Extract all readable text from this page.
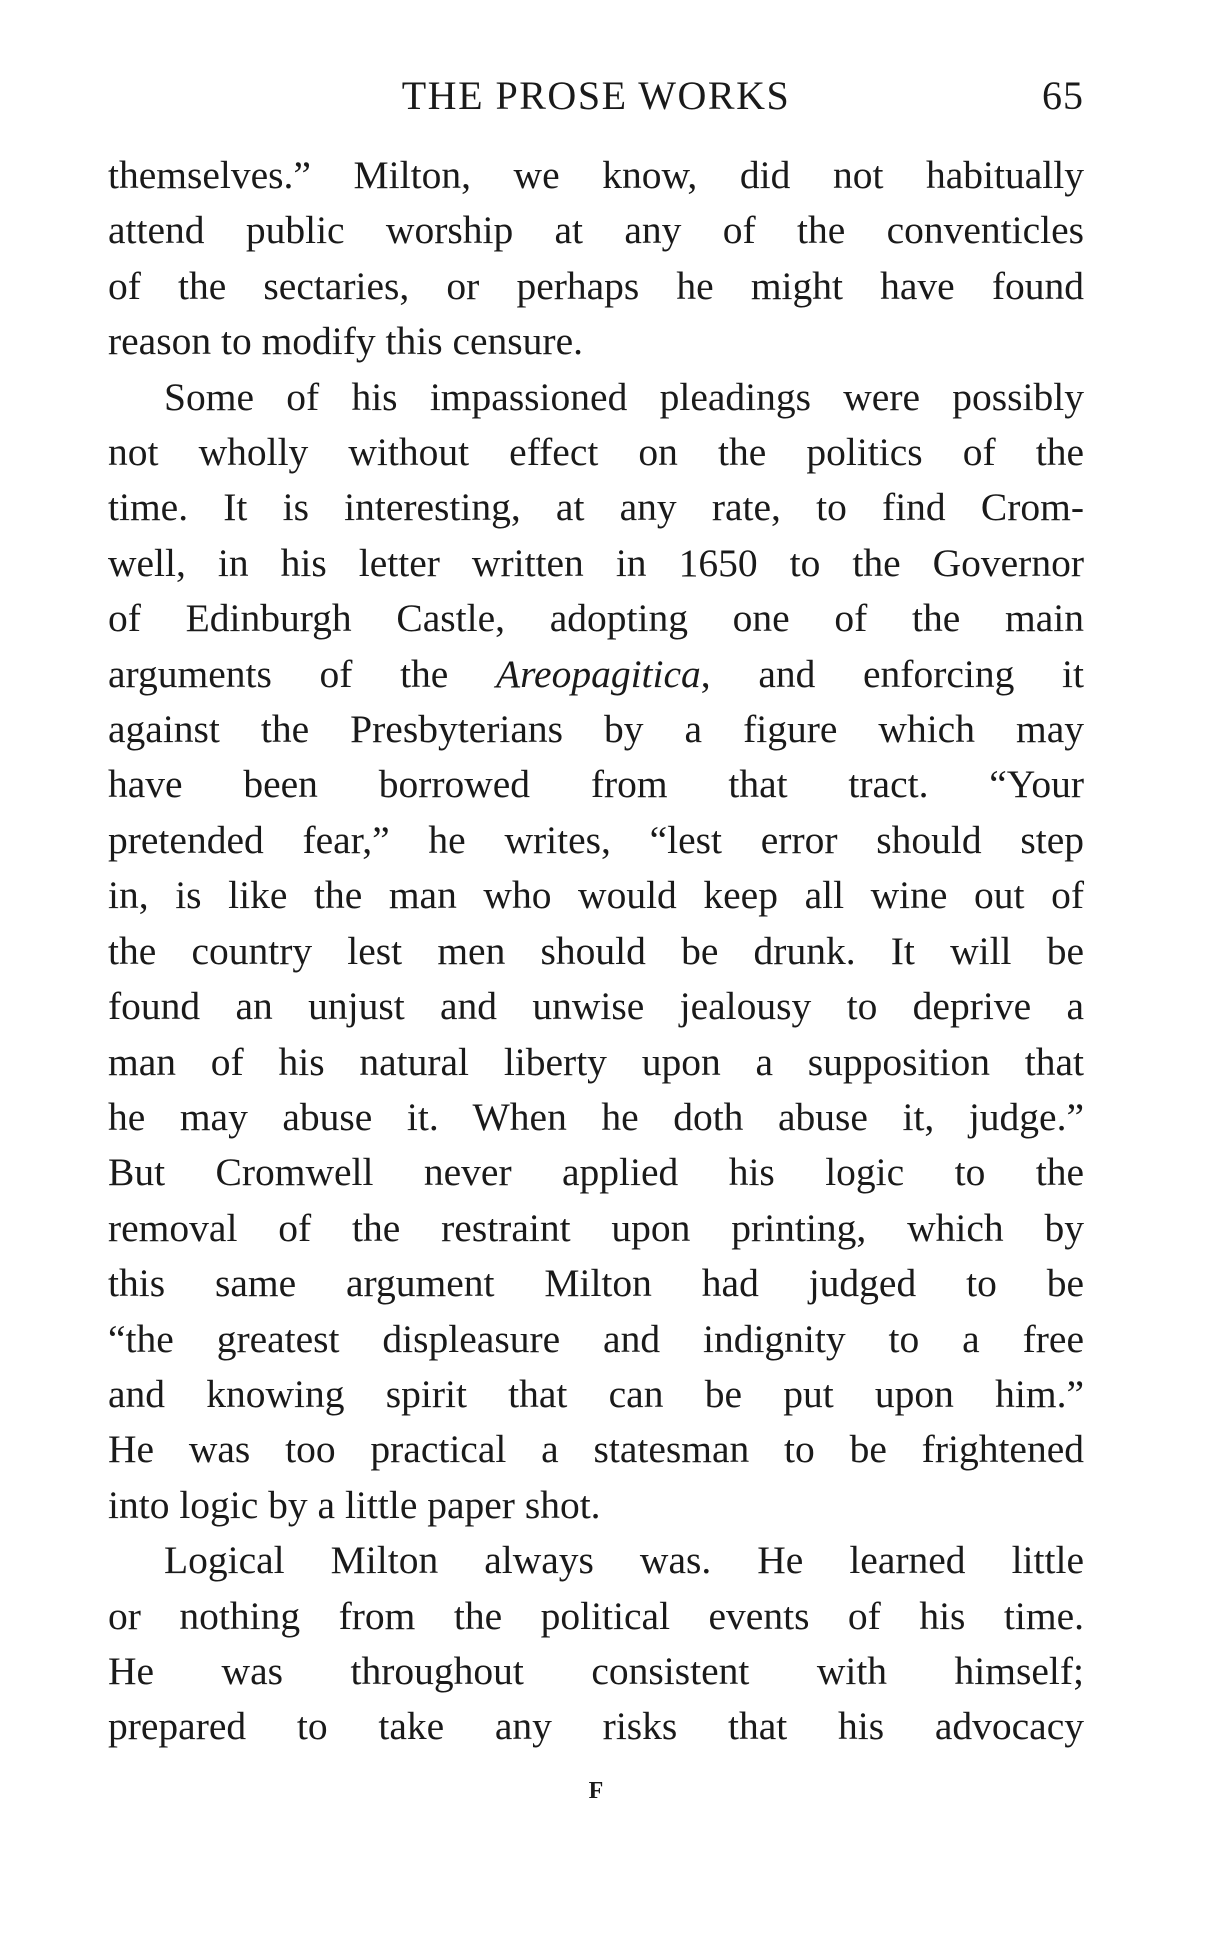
THE PROSE WORKS	65
themselves.” Milton, we know, did not habitually
attend public worship at any of the conventicles
of the sectaries, or perhaps he might have found
reason to modify this censure.
Some of his impassioned pleadings were possibly
not wholly without effect on the politics of the
time. It is interesting, at any rate, to find Crom-
well, in his letter written in 1650 to the Governor
of Edinburgh Castle, adopting one of the main
arguments of the Areopagitica, and enforcing it
against the Presbyterians by a figure which may
have been borrowed from that tract. “Your
pretended fear,” he writes, “lest error should step
in, is like the man who would keep all wine out of
the country lest men should be drunk. It will be
found an unjust and unwise jealousy to deprive a
man of his natural liberty upon a supposition that
he may abuse it. When he doth abuse it, judge.”
But Cromwell never applied his logic to the
removal of the restraint upon printing, which by
this same argument Milton had judged to be
“the greatest displeasure and indignity to a free
and knowing spirit that can be put upon him.”
He was too practical a statesman to be frightened
into logic by a little paper shot.
Logical Milton always was. He learned little
or nothing from the political events of his time.
He was throughout consistent with himself;
prepared to take any risks that his advocacy
F
